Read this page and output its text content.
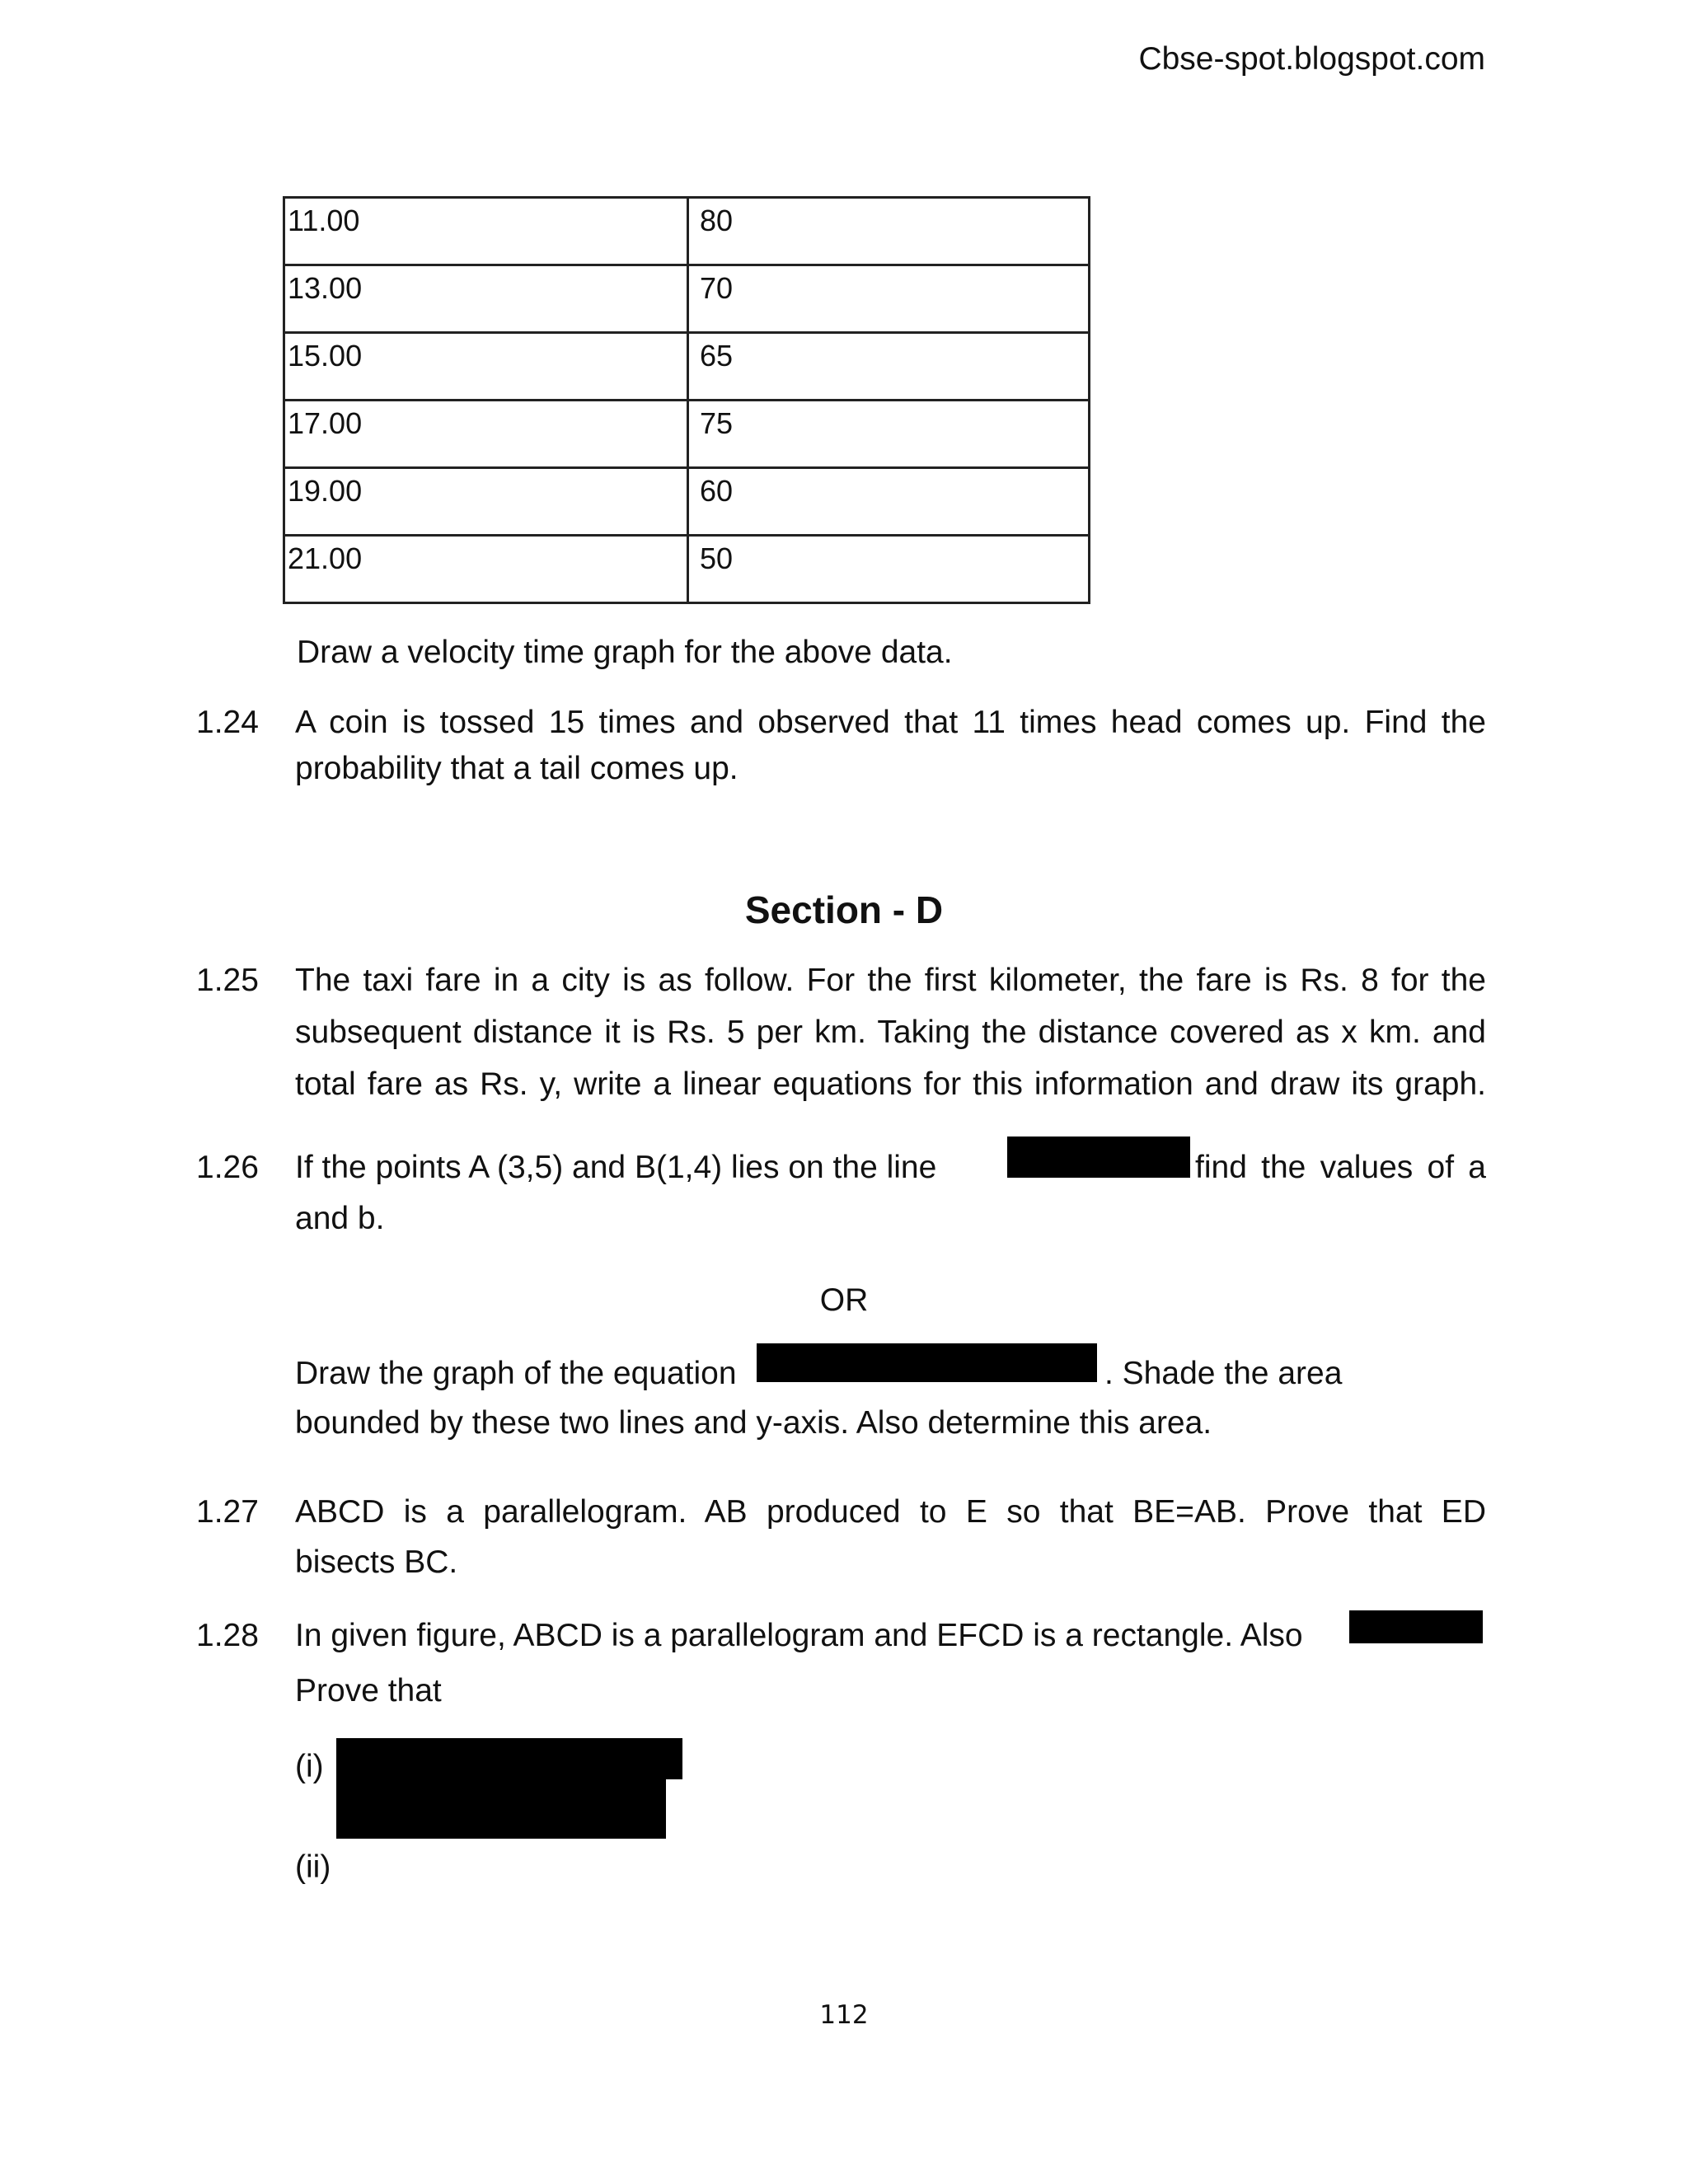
Cbse-spot.blogspot.com
11.00	80
13.00	70
15.00	65
17.00	75
19.00	60
21.00	50
Draw a velocity time graph for the above data.
1.24 A coin is tossed 15 times and observed that 11 times head comes up. Find the
probability that a tail comes up.
Section - D
1.25 The taxi fare in a city is as follow. For the first kilometer, the fare is Rs. 8 for the
subsequent distance it is Rs. 5 per km. Taking the distance covered as x km. and
total fare as Rs. y, write a linear equations for this information and draw its graph.
1.26 If the points A (3,5) and B(1,4) lies on the line	find the values of a
and b.
OR
Draw the graph of the equation	. Shade the area
bounded by these two lines and y-axis. Also determine this area.
1.27 ABCD is a parallelogram. AB produced to E so that BE=AB. Prove that ED
bisects BC.
1.28 In given figure, ABCD is a parallelogram and EFCD is a rectangle. Also
Prove that
(i)
(ii)
112
